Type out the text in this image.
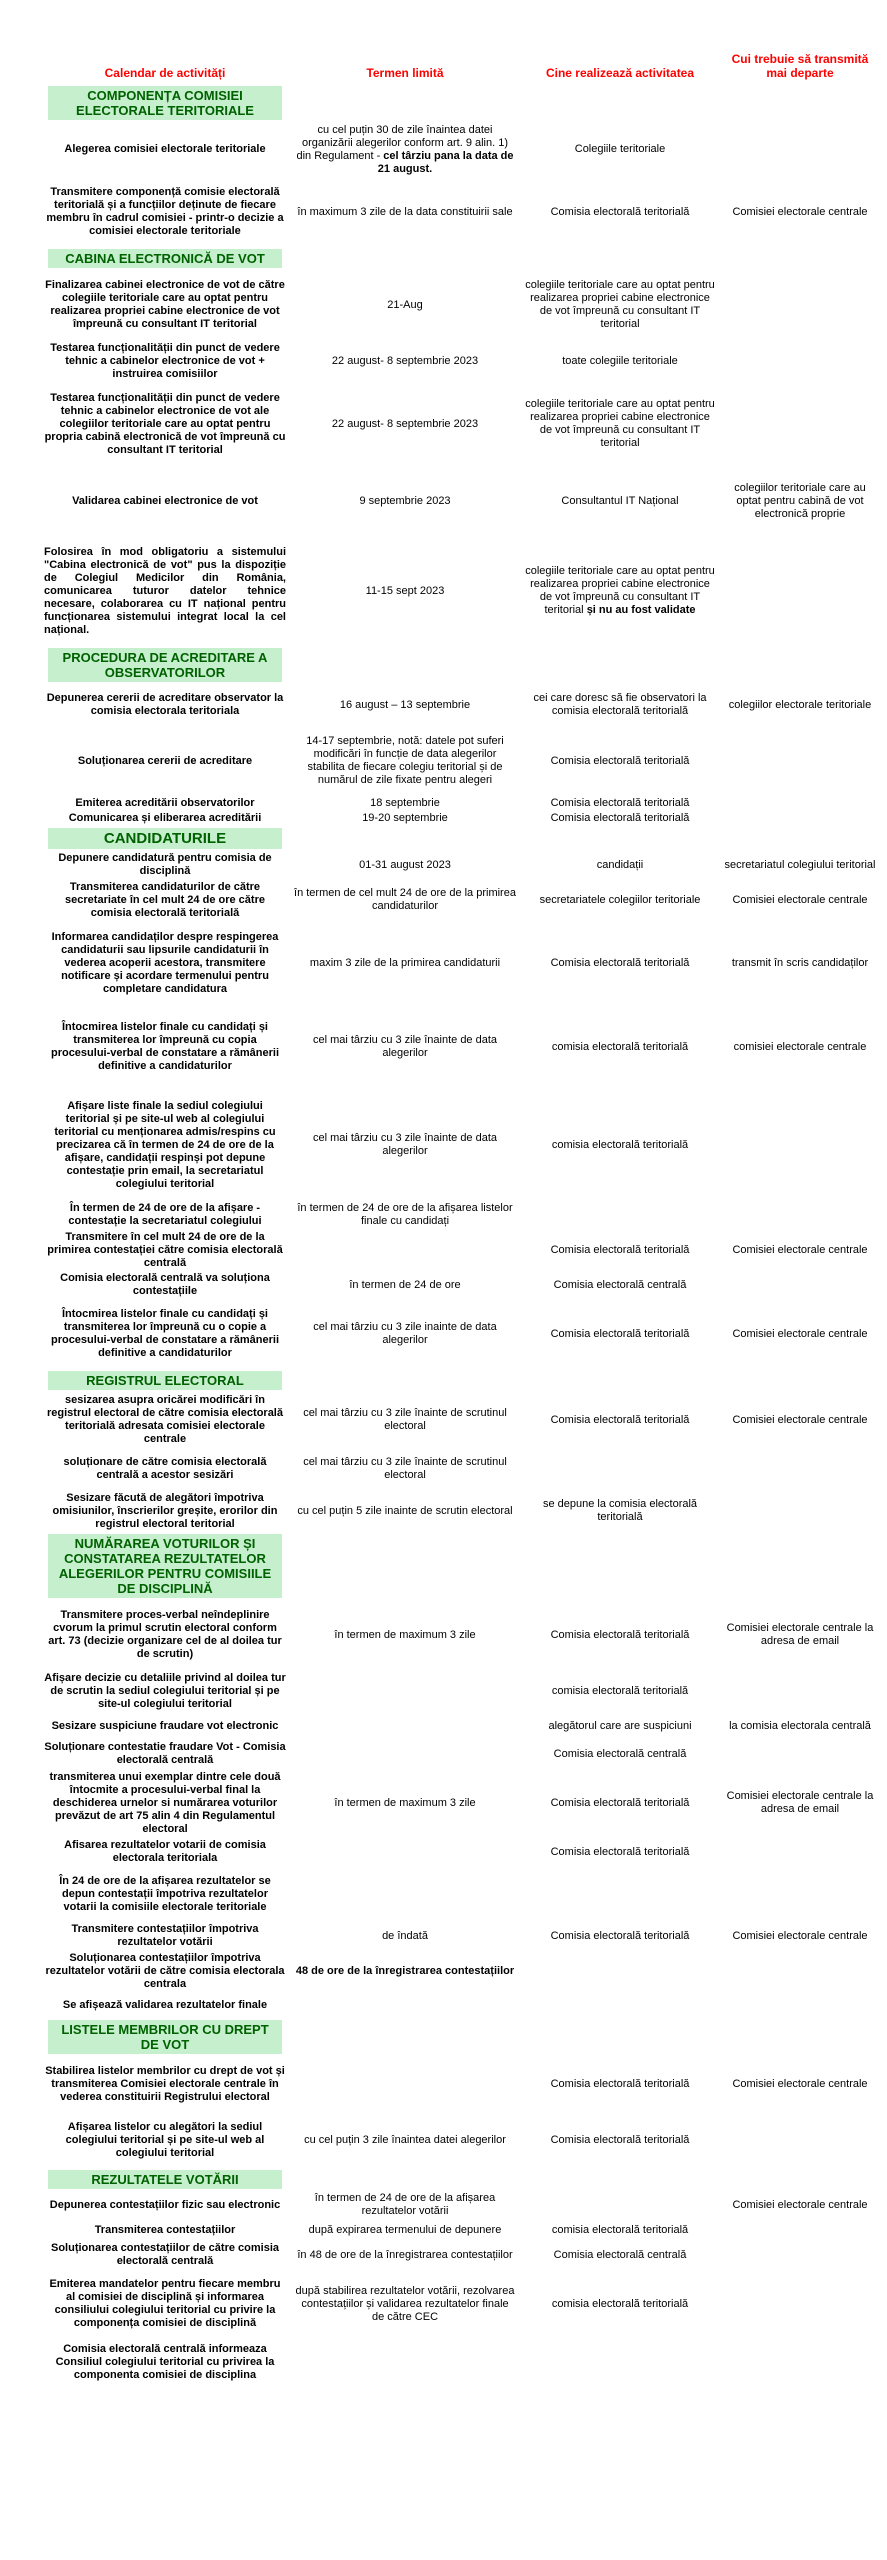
Calendar de activități	Termen limită	Cine realizează activitatea	Cui trebuie să transmită mai departe

COMPONENȚA COMISIEI ELECTORALE TERITORIALE			

Alegerea comisiei electorale teritoriale	cu cel puțin 30 de zile înaintea datei organizării alegerilor conform art. 9 alin. 1) din Regulament - cel târziu pana la data de 21 august.	Colegiile teritoriale	
Transmitere componență comisie electorală teritorială și a funcțiilor deținute de fiecare membru în cadrul comisiei - printr-o decizie a comisiei electorale teritoriale	în maximum 3 zile de la data constituirii sale	Comisia electorală teritorială	Comisiei electorale centrale

CABINA ELECTRONICĂ DE VOT			

Finalizarea cabinei electronice de vot de către colegiile teritoriale care au optat pentru realizarea propriei cabine electronice de vot împreună cu consultant IT teritorial	21-Aug	colegiile teritoriale care au optat pentru realizarea propriei cabine electronice de vot împreună cu consultant IT teritorial	
Testarea funcționalității din punct de vedere tehnic a cabinelor electronice de vot + instruirea comisiilor	22 august- 8 septembrie 2023	toate colegiile teritoriale	
Testarea funcționalității din punct de vedere tehnic a cabinelor electronice de vot ale colegiilor teritoriale care au optat pentru propria cabină electronică de vot împreună cu consultant IT teritorial	22 august- 8 septembrie 2023	colegiile teritoriale care au optat pentru realizarea propriei cabine electronice de vot împreună cu consultant IT teritorial	
Validarea cabinei electronice de vot	9 septembrie 2023	Consultantul IT Național	colegiilor teritoriale care au optat pentru cabină de vot electronică proprie
Folosirea în mod obligatoriu a sistemului "Cabina electronică de vot" pus la dispoziție de Colegiul Medicilor din România, comunicarea tuturor datelor tehnice necesare, colaborarea cu IT național pentru funcționarea sistemului integrat local la cel național.	11-15 sept 2023	colegiile teritoriale care au optat pentru realizarea propriei cabine electronice de vot împreună cu consultant IT teritorial și nu au fost validate	

PROCEDURA DE ACREDITARE A OBSERVATORILOR			

Depunerea cererii de acreditare observator la comisia electorala teritoriala	16 august – 13 septembrie	cei care doresc să fie observatori la comisia electorală teritorială	colegiilor electorale teritoriale
Soluționarea cererii de acreditare	14-17 septembrie, notă: datele pot suferi modificări în funcție de data alegerilor stabilita de fiecare colegiu teritorial și de numărul de zile fixate pentru alegeri	Comisia electorală teritorială	
Emiterea acreditării observatorilor	18 septembrie	Comisia electorală teritorială	
Comunicarea și eliberarea acreditării	19-20 septembrie	Comisia electorală teritorială	

CANDIDATURILE			

Depunere candidatură pentru comisia de disciplină	01-31 august 2023	candidații	secretariatul colegiului teritorial
Transmiterea candidaturilor de către secretariate în cel mult 24 de ore către comisia electorală teritorială	în termen de cel mult 24 de ore de la primirea candidaturilor	secretariatele colegiilor teritoriale	Comisiei electorale centrale
Informarea candidaților despre respingerea candidaturii sau lipsurile candidaturii în vederea acoperii acestora, transmitere notificare și acordare termenului pentru completare candidatura	maxim 3 zile de la primirea candidaturii	Comisia electorală teritorială	transmit în scris candidaților
Întocmirea listelor finale cu candidați și transmiterea lor împreună cu copia procesului-verbal de constatare a rămânerii definitive a candidaturilor	cel mai târziu cu 3 zile înainte de data alegerilor	comisia electorală teritorială	comisiei electorale centrale
Afișare liste finale la sediul colegiului teritorial și pe site-ul web al colegiului teritorial cu menționarea admis/respins cu precizarea că în termen de 24 de ore de la afișare, candidații respinși pot depune contestație prin email, la secretariatul colegiului teritorial	cel mai târziu cu 3 zile înainte de data alegerilor	comisia electorală teritorială	
În termen de 24 de ore de la afișare - contestație la secretariatul colegiului	în termen de 24 de ore de la afișarea listelor finale cu candidați		
Transmitere în cel mult 24 de ore de la primirea contestației către comisia electorală centrală		Comisia electorală teritorială	Comisiei electorale centrale
Comisia electorală centrală va soluționa contestațiile	în termen de 24 de ore	Comisia electorală centrală	
Întocmirea listelor finale cu candidați și transmiterea lor împreună cu o copie a procesului-verbal de constatare a rămânerii definitive a candidaturilor	cel mai târziu cu 3 zile inainte de data alegerilor	Comisia electorală teritorială	Comisiei electorale centrale

REGISTRUL ELECTORAL			

sesizarea asupra oricărei modificări în registrul electoral de către comisia electorală teritorială adresata comisiei electorale centrale	cel mai târziu cu 3 zile înainte de scrutinul electoral	Comisia electorală teritorială	Comisiei electorale centrale
soluționare de către comisia electorală centrală a acestor sesizări	cel mai târziu cu 3 zile înainte de scrutinul electoral		
Sesizare făcută de alegători împotriva omisiunilor, înscrierilor greșite, erorilor din registrul electoral teritorial	cu cel puțin 5 zile inainte de scrutin electoral	se depune la comisia electorală teritorială	

NUMĂRAREA VOTURILOR ȘI CONSTATAREA REZULTATELOR ALEGERILOR PENTRU COMISIILE DE DISCIPLINĂ			

Transmitere proces-verbal neîndeplinire cvorum la primul scrutin electoral conform art. 73 (decizie organizare cel de al doilea tur de scrutin)	în termen de maximum 3 zile	Comisia electorală teritorială	Comisiei electorale centrale la adresa de email
Afișare decizie cu detaliile privind al doilea tur de scrutin la sediul colegiului teritorial și pe site-ul colegiului teritorial		comisia electorală teritorială	
Sesizare suspiciune fraudare vot electronic		alegătorul care are suspiciuni	la comisia electorala centrală
Soluționare contestatie fraudare Vot - Comisia electorală centrală		Comisia electorală centrală	
transmiterea unui exemplar dintre cele două întocmite a procesului-verbal final la deschiderea urnelor si numărarea voturilor prevăzut de art 75 alin 4 din Regulamentul electoral	în termen de maximum 3 zile	Comisia electorală teritorială	Comisiei electorale centrale la adresa de email
Afisarea rezultatelor votarii de comisia electorala teritoriala		Comisia electorală teritorială	
În 24 de ore de la afișarea rezultatelor se depun contestații împotriva rezultatelor votarii la comisiile electorale teritoriale			
Transmitere contestațiilor împotriva rezultatelor votării	de îndată	Comisia electorală teritorială	Comisiei electorale centrale
Soluționarea contestațiilor împotriva rezultatelor votării de către comisia electorala centrala	48 de ore de la înregistrarea contestațiilor		
Se afișează validarea rezultatelor finale			

LISTELE MEMBRILOR CU DREPT DE VOT			

Stabilirea listelor membrilor cu drept de vot și transmiterea Comisiei electorale centrale în vederea constituirii Registrului electoral		Comisia electorală teritorială	Comisiei electorale centrale
Afișarea listelor cu alegători la sediul colegiului teritorial și pe site-ul web al colegiului teritorial	cu cel puțin 3 zile înaintea datei alegerilor	Comisia electorală teritorială	

REZULTATELE VOTĂRII			

Depunerea contestațiilor fizic sau electronic	în termen de 24 de ore de la afișarea rezultatelor votării		Comisiei electorale centrale
Transmiterea contestațiilor	după expirarea termenului de depunere	comisia electorală teritorială	
Soluționarea contestațiilor de către comisia electorală centrală	în 48 de ore de la înregistrarea contestațiilor	Comisia electorală centrală	
Emiterea mandatelor pentru fiecare membru al comisiei de disciplină și informarea consiliului colegiului teritorial cu privire la componența comisiei de disciplină	după stabilirea rezultatelor votării, rezolvarea contestațiilor și validarea rezultatelor finale de către CEC	comisia electorală teritorială	
Comisia electorală centrală informeaza Consiliul colegiului teritorial cu privirea la componenta comisiei de disciplina			
